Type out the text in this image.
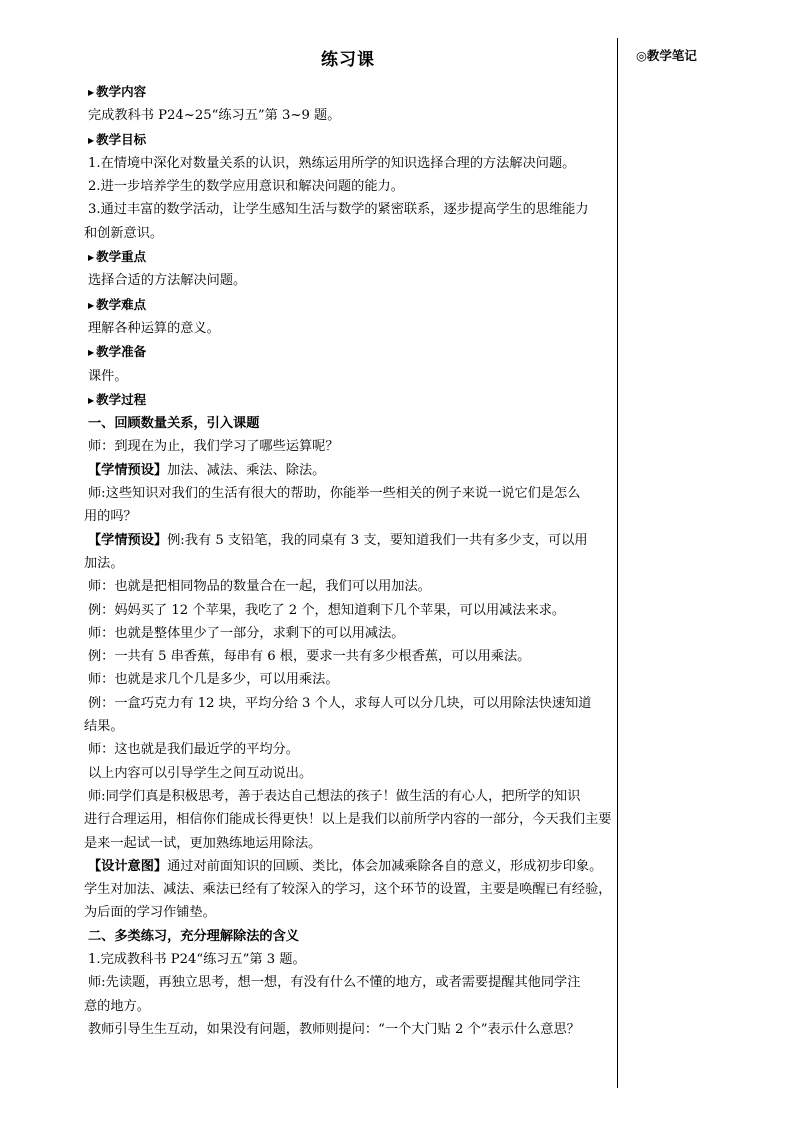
◎教学笔记
练习课
▶ 教学内容
完成教科书 P24~25“练习五”第 3~9 题。
▶ 教学目标
1.在情境中深化对数量关系的认识，熟练运用所学的知识选择合理的方法解决问题。
2.进一步培养学生的数学应用意识和解决问题的能力。
3.通过丰富的数学活动，让学生感知生活与数学的紧密联系，逐步提高学生的思维能力
和创新意识。
▶ 教学重点
选择合适的方法解决问题。
▶ 教学难点
理解各种运算的意义。
▶ 教学准备
课件。
▶ 教学过程
一、回顾数量关系，引入课题
师：到现在为止，我们学习了哪些运算呢？
【学情预设】加法、减法、乘法、除法。
师:这些知识对我们的生活有很大的帮助，你能举一些相关的例子来说一说它们是怎么
用的吗？
【学情预设】例:我有 5 支铅笔，我的同桌有 3 支，要知道我们一共有多少支，可以用
加法。
师：也就是把相同物品的数量合在一起，我们可以用加法。
例：妈妈买了 12 个苹果，我吃了 2 个，想知道剩下几个苹果，可以用减法来求。
师：也就是整体里少了一部分，求剩下的可以用减法。
例：一共有 5 串香蕉，每串有 6 根，要求一共有多少根香蕉，可以用乘法。
师：也就是求几个几是多少，可以用乘法。
例：一盒巧克力有 12 块，平均分给 3 个人，求每人可以分几块，可以用除法快速知道
结果。
师：这也就是我们最近学的平均分。
以上内容可以引导学生之间互动说出。
师:同学们真是积极思考，善于表达自己想法的孩子！做生活的有心人，把所学的知识
进行合理运用，相信你们能成长得更快！以上是我们以前所学内容的一部分，今天我们主要
是来一起试一试，更加熟练地运用除法。
【设计意图】通过对前面知识的回顾、类比，体会加减乘除各自的意义，形成初步印象。
学生对加法、减法、乘法已经有了较深入的学习，这个环节的设置，主要是唤醒已有经验，
为后面的学习作铺垫。
二、多类练习，充分理解除法的含义
1.完成教科书 P24“练习五”第 3 题。
师:先读题，再独立思考，想一想，有没有什么不懂的地方，或者需要提醒其他同学注
意的地方。
教师引导生生互动，如果没有问题，教师则提问：“一个大门贴 2 个”表示什么意思？
